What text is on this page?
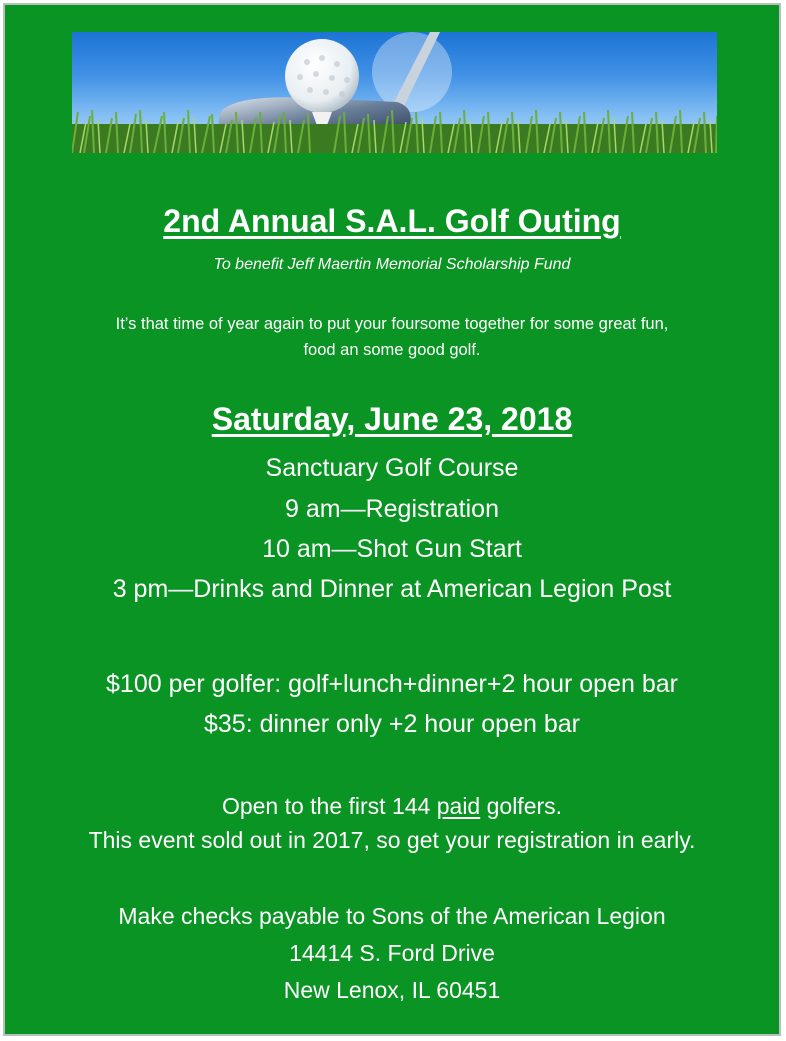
2nd Annual S.A.L. Golf Outing
To benefit Jeff Maertin Memorial Scholarship Fund
It’s that time of year again to put your foursome together for some great fun,
food an some good golf.
Saturday, June 23, 2018
Sanctuary Golf Course
9 am—Registration
10 am—Shot Gun Start
3 pm—Drinks and Dinner at American Legion Post
$100 per golfer: golf+lunch+dinner+2 hour open bar
$35: dinner only +2 hour open bar
Open to the first 144 paid golfers.
This event sold out in 2017, so get your registration in early.
Make checks payable to Sons of the American Legion
14414 S. Ford Drive
New Lenox, IL 60451
